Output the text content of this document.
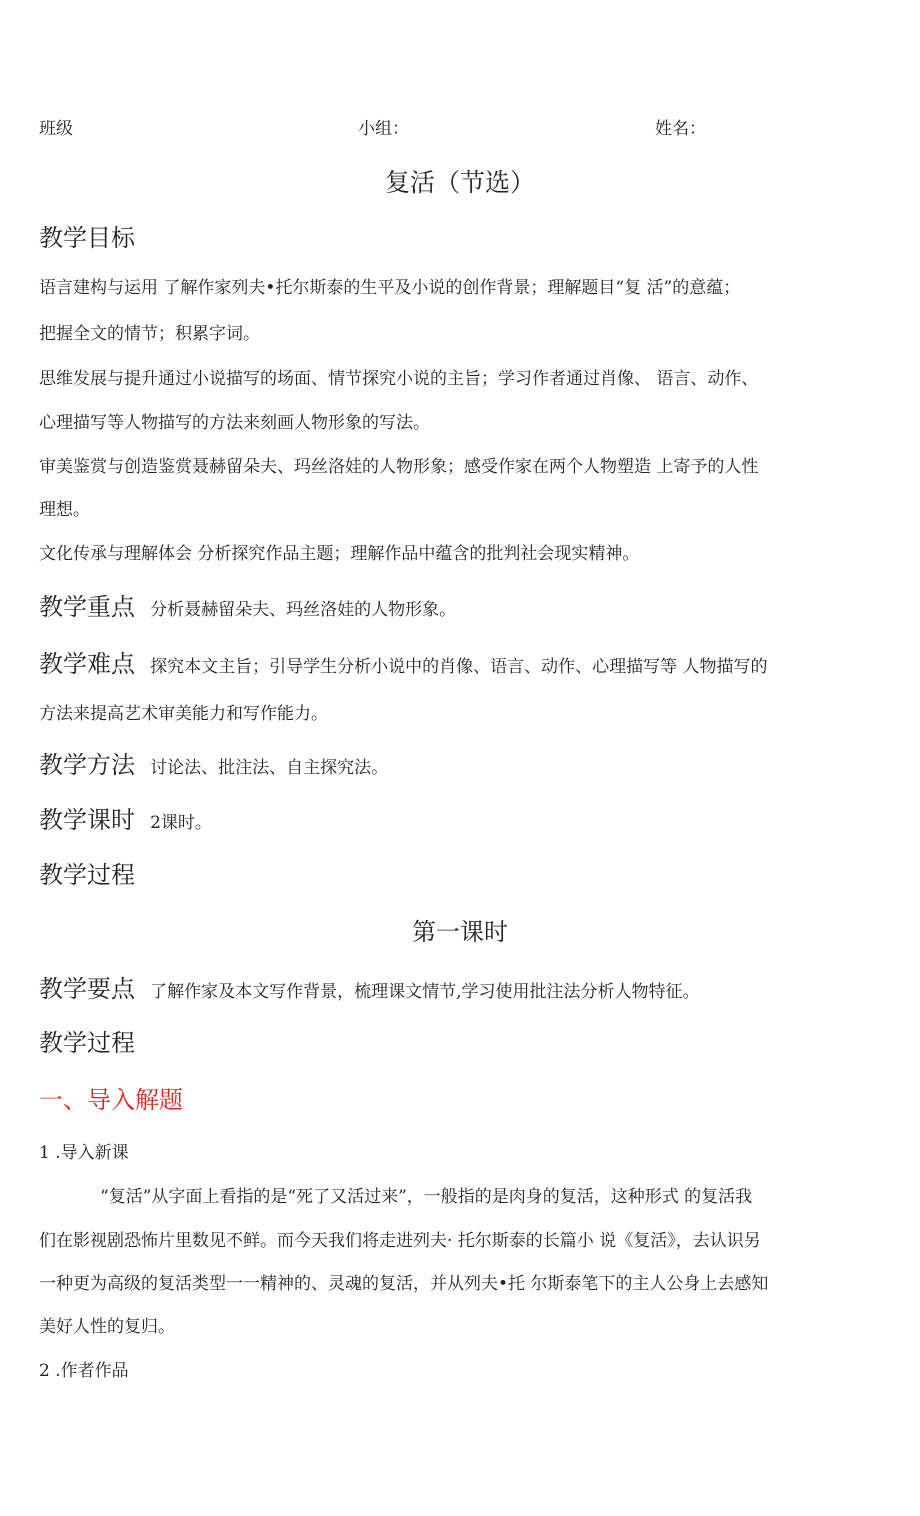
班级	小组：	姓名：
复活（节选）
教学目标
语言建构与运用 了解作家列夫•托尔斯泰的生平及小说的创作背景；理解题目“复 活”的意蕴；
把握全文的情节；积累字词。
思维发展与提升通过小说描写的场面、情节探究小说的主旨；学习作者通过肖像、 语言、动作、
心理描写等人物描写的方法来刻画人物形象的写法。
审美鉴赏与创造鉴赏聂赫留朵夫、玛丝洛娃的人物形象；感受作家在两个人物塑造 上寄予的人性
理想。
文化传承与理解体会 分析探究作品主题；理解作品中蕴含的批判社会现实精神。
教学重点 分析聂赫留朵夫、玛丝洛娃的人物形象。
教学难点 探究本文主旨；引导学生分析小说中的肖像、语言、动作、心理描写等 人物描写的
方法来提高艺术审美能力和写作能力。
教学方法 讨论法、批注法、自主探究法。
教学课时 2课时。
教学过程
第一课时
教学要点 了解作家及本文写作背景，梳理课文情节,学习使用批注法分析人物特征。
教学过程
一、导入解题
1 .导入新课
“复活”从字面上看指的是“死了又活过来”，一般指的是肉身的复活，这种形式 的复活我
们在影视剧恐怖片里数见不鲜。而今天我们将走进列夫· 托尔斯泰的长篇小 说《复活》，去认识另
一种更为高级的复活类型一一精神的、灵魂的复活，并从列夫•托 尔斯泰笔下的主人公身上去感知
美好人性的复归。
2 .作者作品
